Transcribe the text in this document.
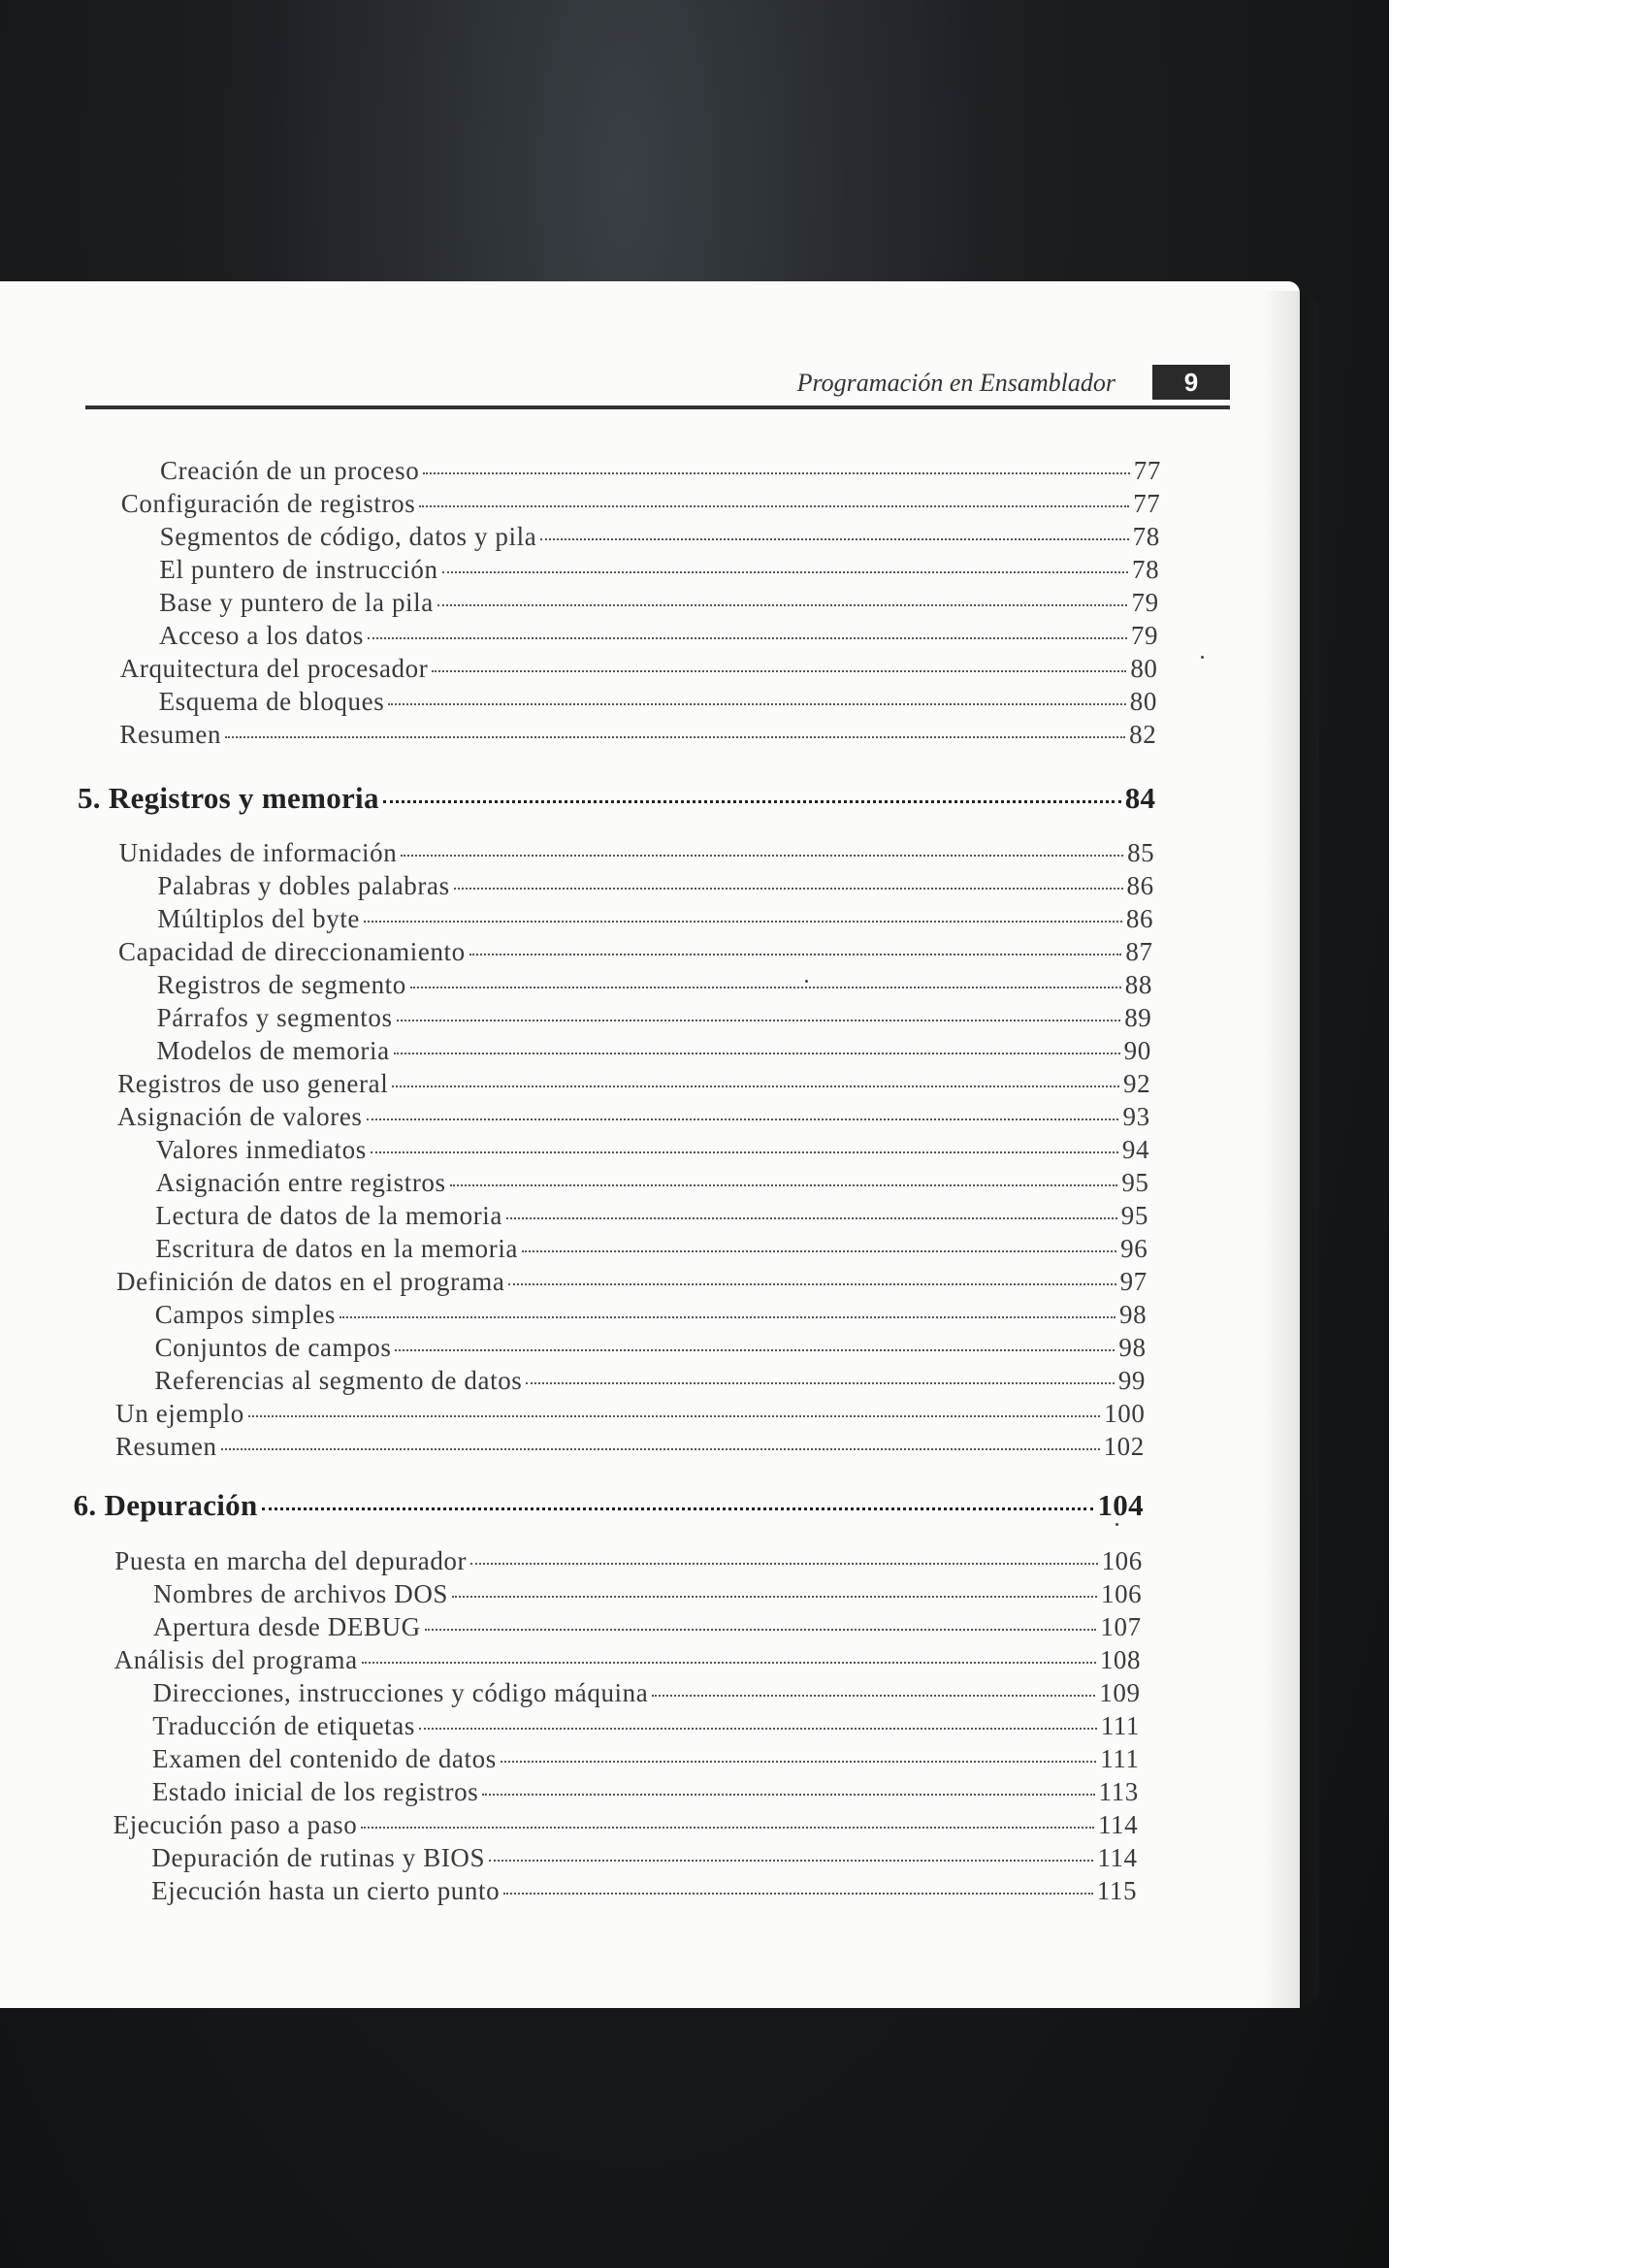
Programación en Ensamblador	9
Creación de un proceso	77
Configuración de registros	77
Segmentos de código, datos y pila	78
El puntero de instrucción	78
Base y puntero de la pila	79
Acceso a los datos	79
Arquitectura del procesador	80
Esquema de bloques	80
Resumen	82
5. Registros y memoria	84
Unidades de información	85
Palabras y dobles palabras	86
Múltiplos del byte	86
Capacidad de direccionamiento	87
Registros de segmento	88
Párrafos y segmentos	89
Modelos de memoria	90
Registros de uso general	92
Asignación de valores	93
Valores inmediatos	94
Asignación entre registros	95
Lectura de datos de la memoria	95
Escritura de datos en la memoria	96
Definición de datos en el programa	97
Campos simples	98
Conjuntos de campos	98
Referencias al segmento de datos	99
Un ejemplo	100
Resumen	102
6. Depuración	104
Puesta en marcha del depurador	106
Nombres de archivos DOS	106
Apertura desde DEBUG	107
Análisis del programa	108
Direcciones, instrucciones y código máquina	109
Traducción de etiquetas	111
Examen del contenido de datos	111
Estado inicial de los registros	113
Ejecución paso a paso	114
Depuración de rutinas y BIOS	114
Ejecución hasta un cierto punto	115
